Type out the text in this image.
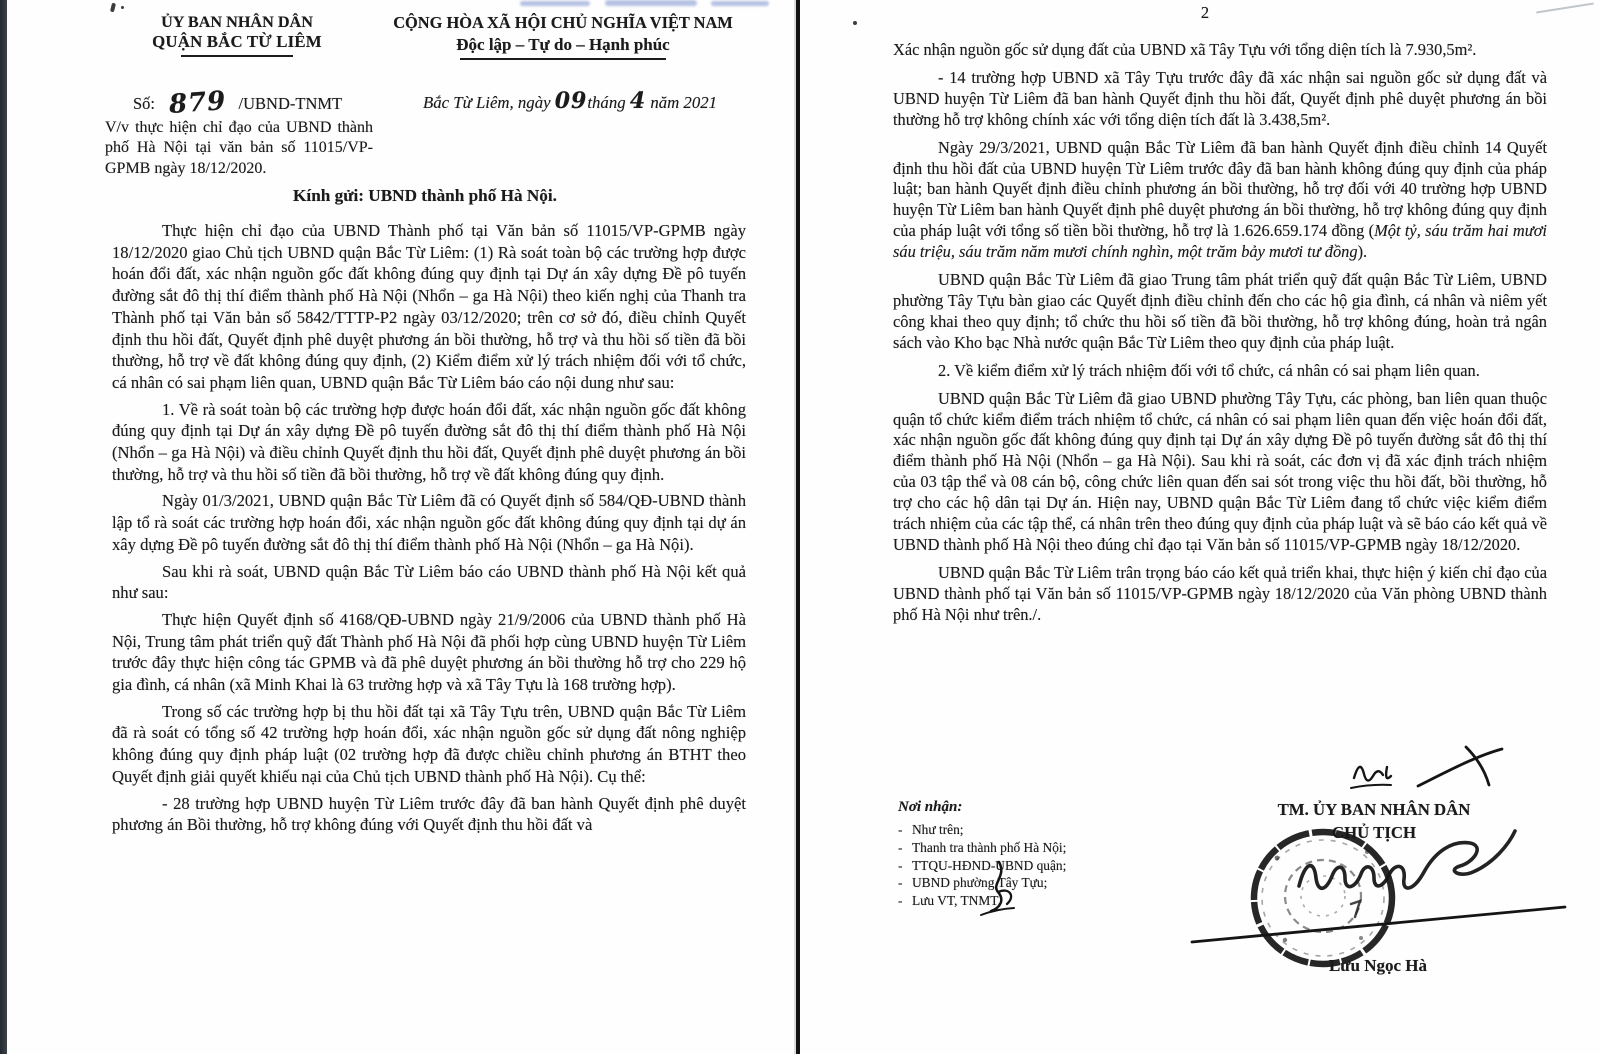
ỦY BAN NHÂN DÂN
QUẬN BẮC TỪ LIÊM
CỘNG HÒA XÃ HỘI CHỦ NGHĨA VIỆT NAM
Độc lập – Tự do – Hạnh phúc
Số: 879 /UBND-TNMT	Bắc Từ Liêm, ngày 09tháng 4 năm 2021
V/v thực hiện chỉ đạo của UBND thành phố Hà Nội tại văn bản số 11015/VP- GPMB ngày 18/12/2020.
Kính gửi: UBND thành phố Hà Nội.

Thực hiện chỉ đạo của UBND Thành phố tại Văn bản số 11015/VP-GPMB ngày 18/12/2020 giao Chủ tịch UBND quận Bắc Từ Liêm: (1) Rà soát toàn bộ các trường hợp được hoán đổi đất, xác nhận nguồn gốc đất không đúng quy định tại Dự án xây dựng Đề pô tuyến đường sắt đô thị thí điểm thành phố Hà Nội (Nhổn – ga Hà Nội) theo kiến nghị của Thanh tra Thành phố tại Văn bản số 5842/TTTP-P2 ngày 03/12/2020; trên cơ sở đó, điều chỉnh Quyết định thu hồi đất, Quyết định phê duyệt phương án bồi thường, hỗ trợ và thu hồi số tiền đã bồi thường, hỗ trợ về đất không đúng quy định, (2) Kiểm điểm xử lý trách nhiệm đối với tổ chức, cá nhân có sai phạm liên quan, UBND quận Bắc Từ Liêm báo cáo nội dung như sau:

1. Về rà soát toàn bộ các trường hợp được hoán đổi đất, xác nhận nguồn gốc đất không đúng quy định tại Dự án xây dựng Đề pô tuyến đường sắt đô thị thí điểm thành phố Hà Nội (Nhổn – ga Hà Nội) và điều chỉnh Quyết định thu hồi đất, Quyết định phê duyệt phương án bồi thường, hỗ trợ và thu hồi số tiền đã bồi thường, hỗ trợ về đất không đúng quy định.

Ngày 01/3/2021, UBND quận Bắc Từ Liêm đã có Quyết định số 584/QĐ-UBND thành lập tổ rà soát các trường hợp hoán đổi, xác nhận nguồn gốc đất không đúng quy định tại dự án xây dựng Đề pô tuyến đường sắt đô thị thí điểm thành phố Hà Nội (Nhổn – ga Hà Nội).

Sau khi rà soát, UBND quận Bắc Từ Liêm báo cáo UBND thành phố Hà Nội kết quả như sau:

Thực hiện Quyết định số 4168/QĐ-UBND ngày 21/9/2006 của UBND thành phố Hà Nội, Trung tâm phát triển quỹ đất Thành phố Hà Nội đã phối hợp cùng UBND huyện Từ Liêm trước đây thực hiện công tác GPMB và đã phê duyệt phương án bồi thường hỗ trợ cho 229 hộ gia đình, cá nhân (xã Minh Khai là 63 trường hợp và xã Tây Tựu là 168 trường hợp).

Trong số các trường hợp bị thu hồi đất tại xã Tây Tựu trên, UBND quận Bắc Từ Liêm đã rà soát có tổng số 42 trường hợp hoán đổi, xác nhận nguồn gốc sử dụng đất nông nghiệp không đúng quy định pháp luật (02 trường hợp đã được chiều chỉnh phương án BTHT theo Quyết định giải quyết khiếu nại của Chủ tịch UBND thành phố Hà Nội). Cụ thể:

- 28 trường hợp UBND huyện Từ Liêm trước đây đã ban hành Quyết định phê duyệt phương án Bồi thường, hỗ trợ không đúng với Quyết định thu hồi đất và

2

Xác nhận nguồn gốc sử dụng đất của UBND xã Tây Tựu với tổng diện tích là 7.930,5m².

- 14 trường hợp UBND xã Tây Tựu trước đây đã xác nhận sai nguồn gốc sử dụng đất và UBND huyện Từ Liêm đã ban hành Quyết định thu hồi đất, Quyết định phê duyệt phương án bồi thường hỗ trợ không chính xác với tổng diện tích đất là 3.438,5m².

Ngày 29/3/2021, UBND quận Bắc Từ Liêm đã ban hành Quyết định điều chỉnh 14 Quyết định thu hồi đất của UBND huyện Từ Liêm trước đây đã ban hành không đúng quy định của pháp luật; ban hành Quyết định điều chỉnh phương án bồi thường, hỗ trợ đối với 40 trường hợp UBND huyện Từ Liêm ban hành Quyết định phê duyệt phương án bồi thường, hỗ trợ không đúng quy định của pháp luật với tổng số tiền bồi thường, hỗ trợ là 1.626.659.174 đồng (Một tỷ, sáu trăm hai mươi sáu triệu, sáu trăm năm mươi chính nghìn, một trăm bảy mươi tư đồng).

UBND quận Bắc Từ Liêm đã giao Trung tâm phát triển quỹ đất quận Bắc Từ Liêm, UBND phường Tây Tựu bàn giao các Quyết định điều chỉnh đến cho các hộ gia đình, cá nhân và niêm yết công khai theo quy định; tổ chức thu hồi số tiền đã bồi thường, hỗ trợ không đúng, hoàn trả ngân sách vào Kho bạc Nhà nước quận Bắc Từ Liêm theo quy định của pháp luật.

2. Về kiểm điểm xử lý trách nhiệm đối với tổ chức, cá nhân có sai phạm liên quan.

UBND quận Bắc Từ Liêm đã giao UBND phường Tây Tựu, các phòng, ban liên quan thuộc quận tổ chức kiểm điểm trách nhiệm tổ chức, cá nhân có sai phạm liên quan đến việc hoán đổi đất, xác nhận nguồn gốc đất không đúng quy định tại Dự án xây dựng Đề pô tuyến đường sắt đô thị thí điểm thành phố Hà Nội (Nhổn – ga Hà Nội). Sau khi rà soát, các đơn vị đã xác định trách nhiệm của 03 tập thể và 08 cán bộ, công chức liên quan đến sai sót trong việc thu hồi đất, bồi thường, hỗ trợ cho các hộ dân tại Dự án. Hiện nay, UBND quận Bắc Từ Liêm đang tổ chức việc kiểm điểm trách nhiệm của các tập thể, cá nhân trên theo đúng quy định của pháp luật và sẽ báo cáo kết quả về UBND thành phố Hà Nội theo đúng chỉ đạo tại Văn bản số 11015/VP-GPMB ngày 18/12/2020.

UBND quận Bắc Từ Liêm trân trọng báo cáo kết quả triển khai, thực hiện ý kiến chỉ đạo của UBND thành phố tại Văn bản số 11015/VP-GPMB ngày 18/12/2020 của Văn phòng UBND thành phố Hà Nội như trên./.

Nơi nhận:
- Như trên;
- Thanh tra thành phố Hà Nội;
- TTQU-HĐND-UBND quận;
- UBND phường Tây Tựu;
- Lưu VT, TNMT.
TM. ỦY BAN NHÂN DÂN
CHỦ TỊCH
Lưu Ngọc Hà
